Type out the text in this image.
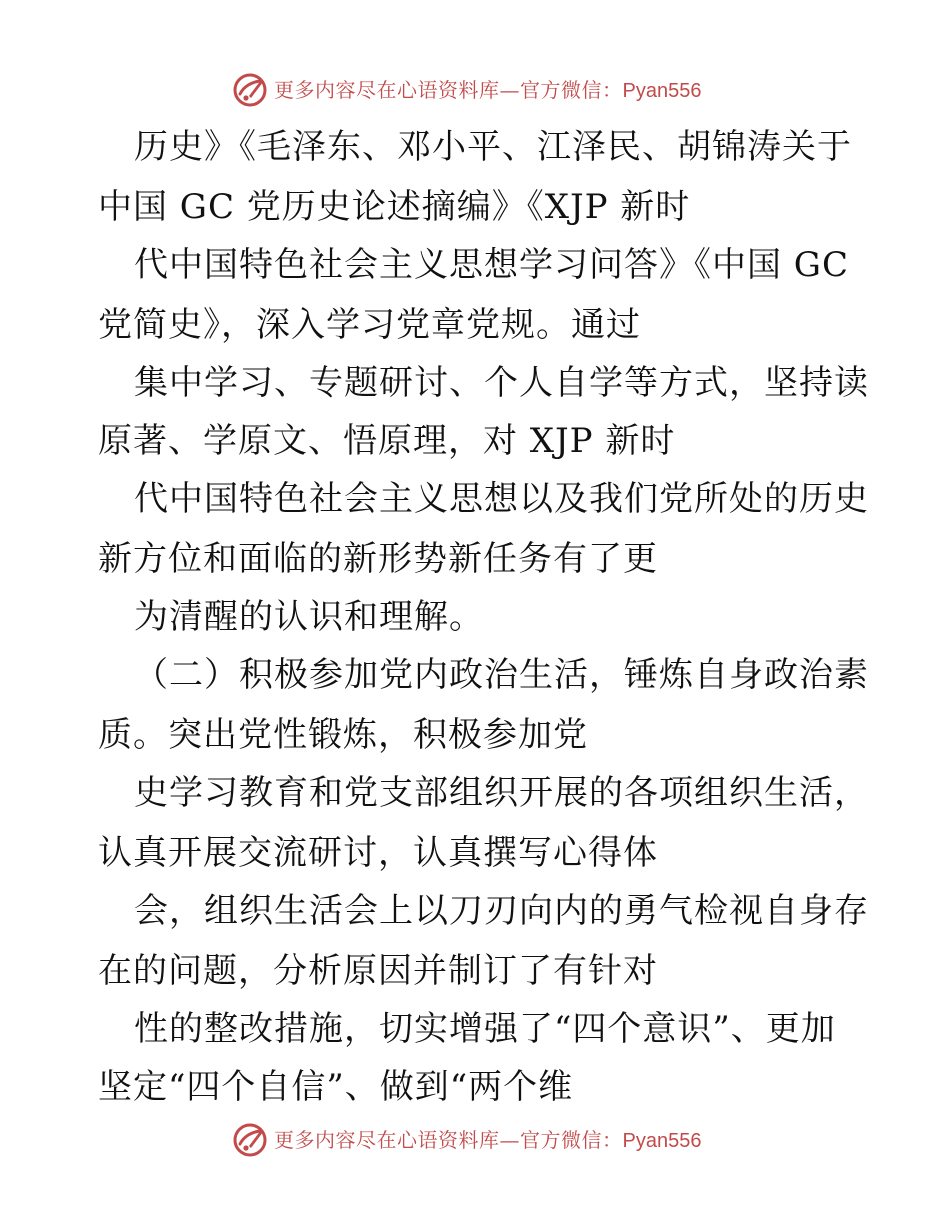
更多内容尽在心语资料库—官方微信：Pyan556
历史》《毛泽东、邓小平、江泽民、胡锦涛关于
中国 GC 党历史论述摘编》《XJP 新时
代中国特色社会主义思想学习问答》《中国 GC
党简史》，深入学习党章党规。通过
集中学习、专题研讨、个人自学等方式，坚持读
原著、学原文、悟原理，对 XJP 新时
代中国特色社会主义思想以及我们党所处的历史
新方位和面临的新形势新任务有了更
为清醒的认识和理解。
（二）积极参加党内政治生活，锤炼自身政治素
质。突出党性锻炼，积极参加党
史学习教育和党支部组织开展的各项组织生活，
认真开展交流研讨，认真撰写心得体
会，组织生活会上以刀刃向内的勇气检视自身存
在的问题，分析原因并制订了有针对
性的整改措施，切实增强了“四个意识”、更加
坚定“四个自信”、做到“两个维
更多内容尽在心语资料库—官方微信：Pyan556
